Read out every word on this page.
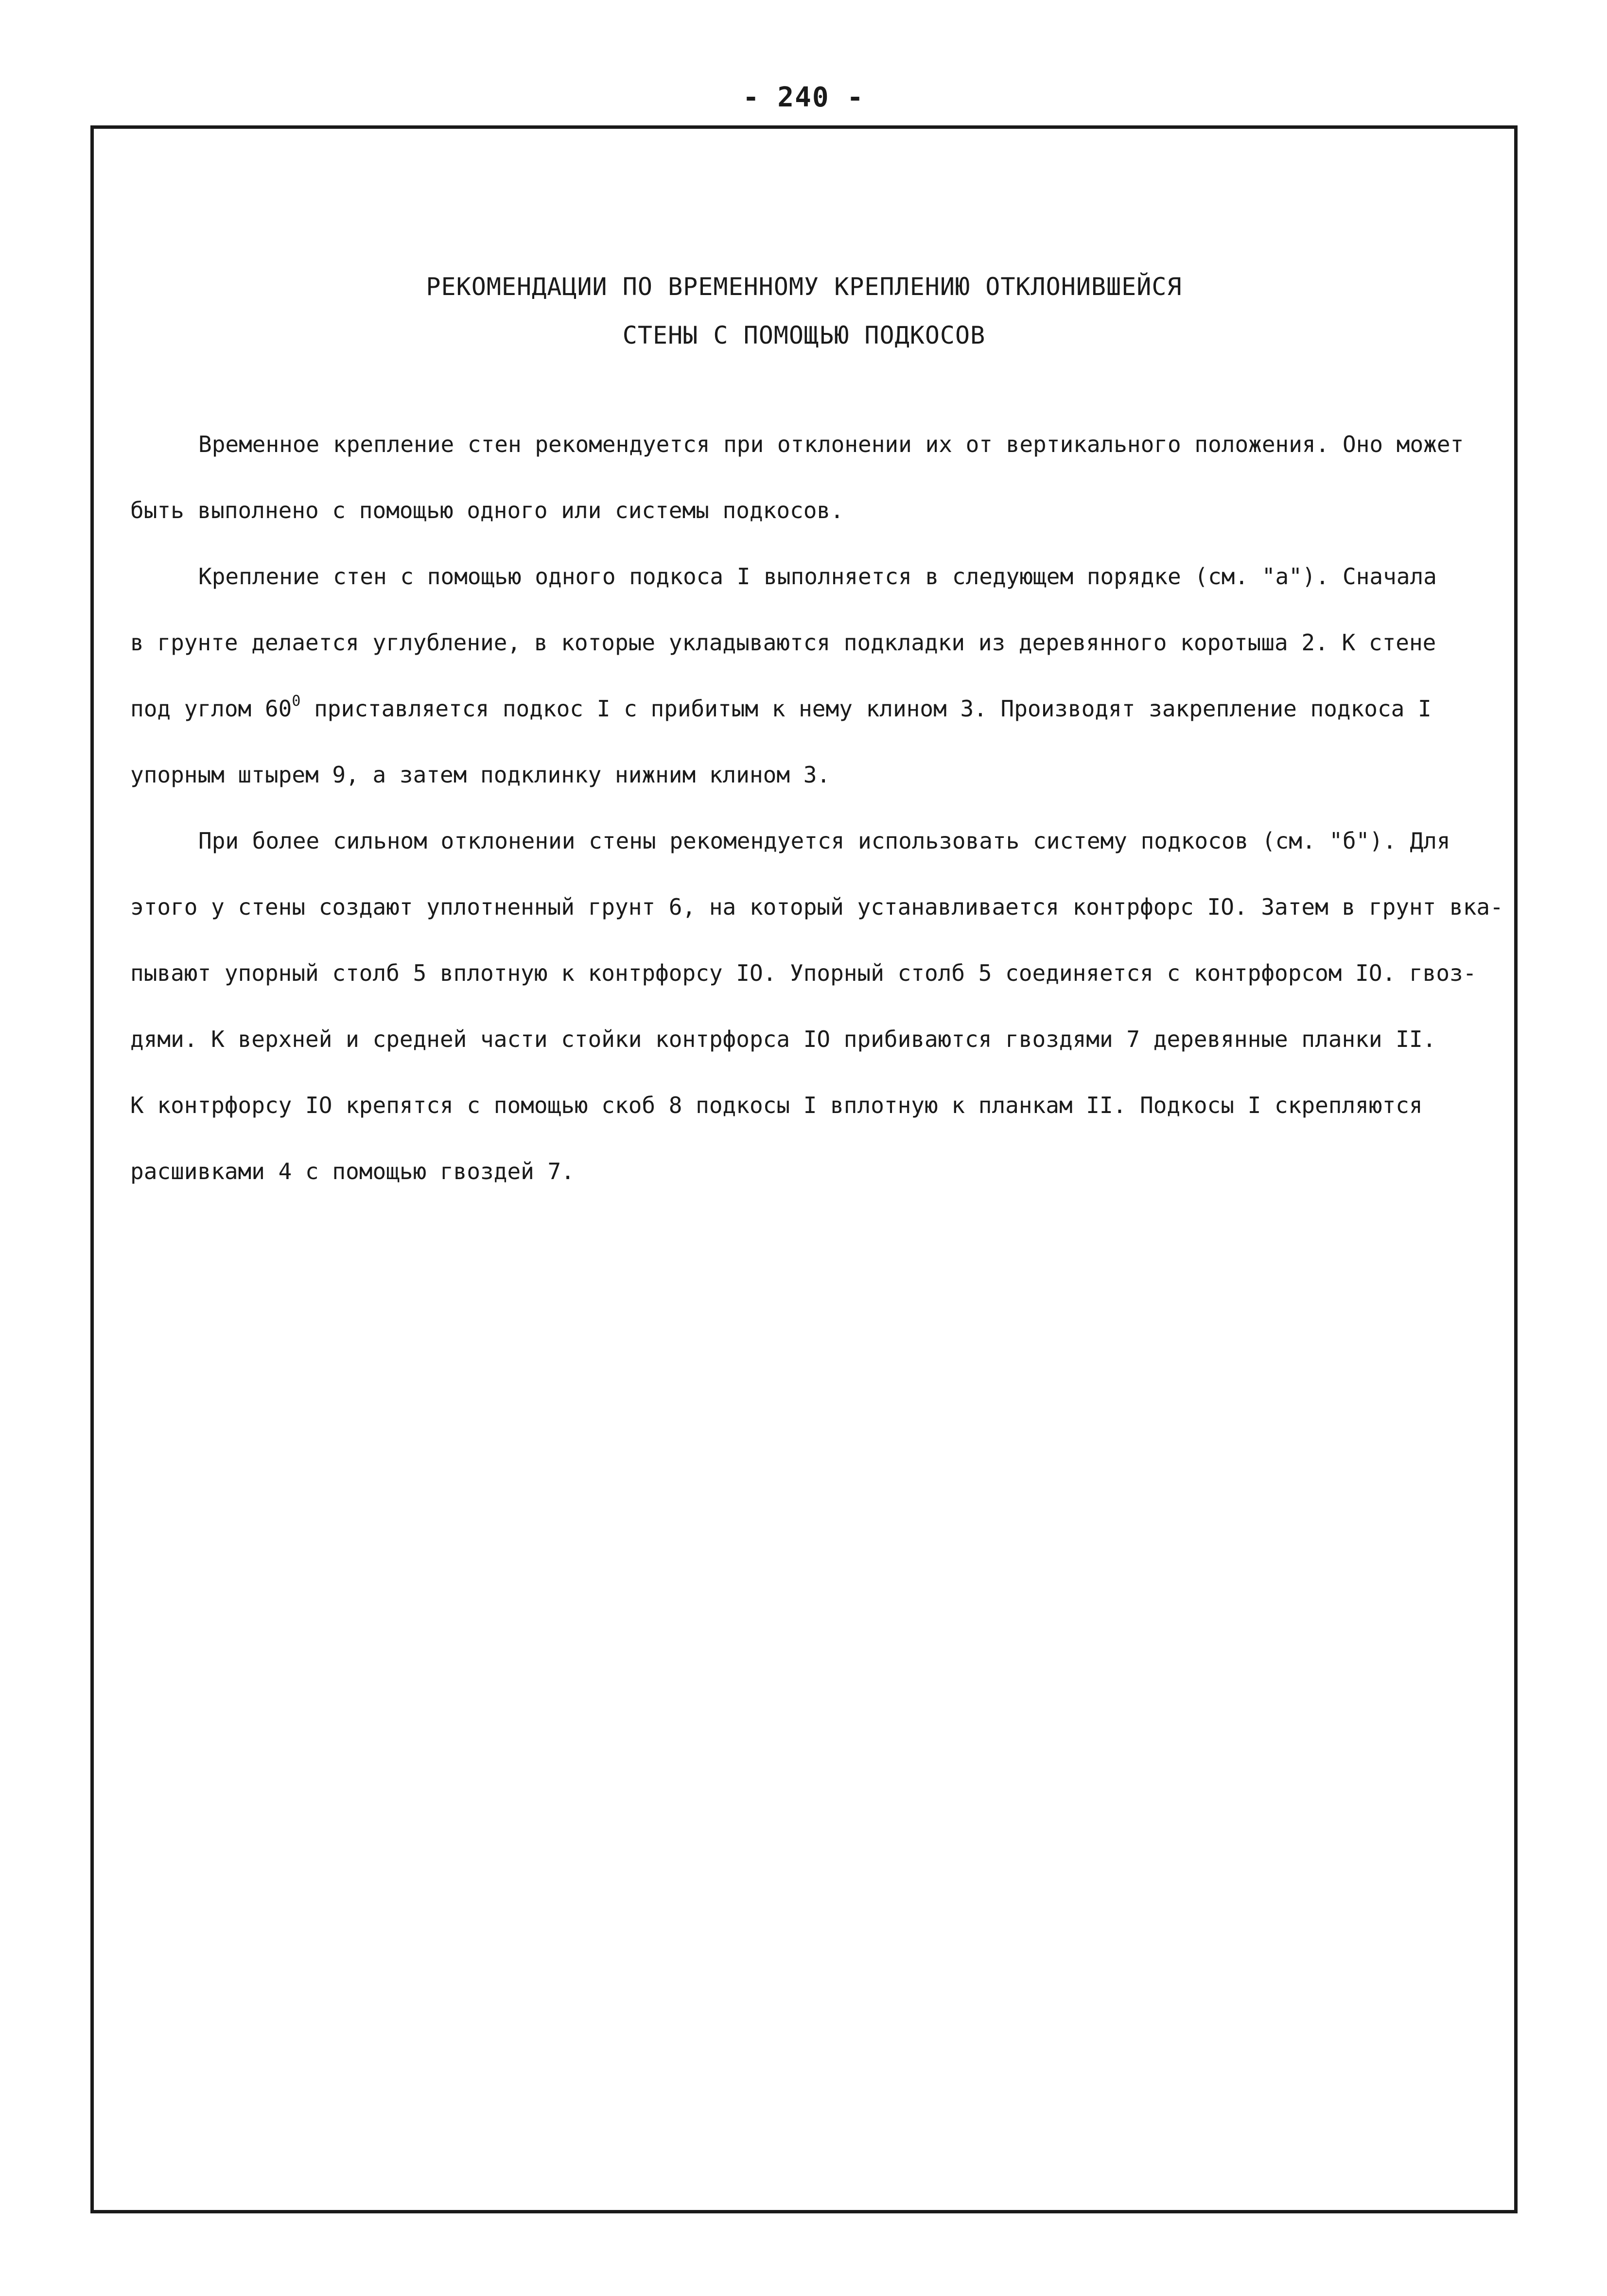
- 240 -
РЕКОМЕНДАЦИИ ПО ВРЕМЕННОМУ КРЕПЛЕНИЮ ОТКЛОНИВШЕЙСЯ
СТЕНЫ С ПОМОЩЬЮ ПОДКОСОВ
Временное крепление стен рекомендуется при отклонении их от вертикального положения. Оно может
быть выполнено с помощью одного или системы подкосов.
Крепление стен с помощью одного подкоса I выполняется в следующем порядке (см. "а"). Сначала
в грунте делается углубление, в которые укладываются подкладки из деревянного коротыша 2. К стене
под углом $60^0$ приставляется подкос I с прибитым к нему клином 3. Производят закрепление подкоса I
упорным штырем 9, а затем подклинку нижним клином 3.
При более сильном отклонении стены рекомендуется использовать систему подкосов (см. "б"). Для
этого у стены создают уплотненный грунт 6, на который устанавливается контрфорс IO. Затем в грунт вка-
пывают упорный столб 5 вплотную к контрфорсу IO. Упорный столб 5 соединяется с контрфорсом IO. гвоз-
дями. К верхней и средней части стойки контрфорса IO прибиваются гвоздями 7 деревянные планки II.
К контрфорсу IO крепятся с помощью скоб 8 подкосы I вплотную к планкам II. Подкосы I скрепляются
расшивками 4 с помощью гвоздей 7.
